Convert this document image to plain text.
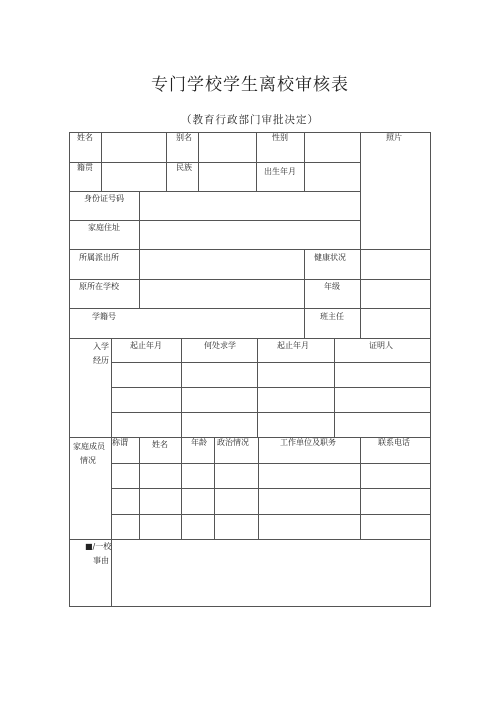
专门学校学生离校审核表
（教育行政部门审批决定）
姓名	别名	性别	照片
籍贯	民族	出生年月
身份证号码
家庭住址
所属派出所	健康状况
原所在学校	年级
学籍号	班主任
入学
经历
起止年月	何处求学	起止年月	证明人
家庭成员
情况
称谓	姓名	年龄 政治情况	工作单位及职务	联系电话
■/一校
事由
